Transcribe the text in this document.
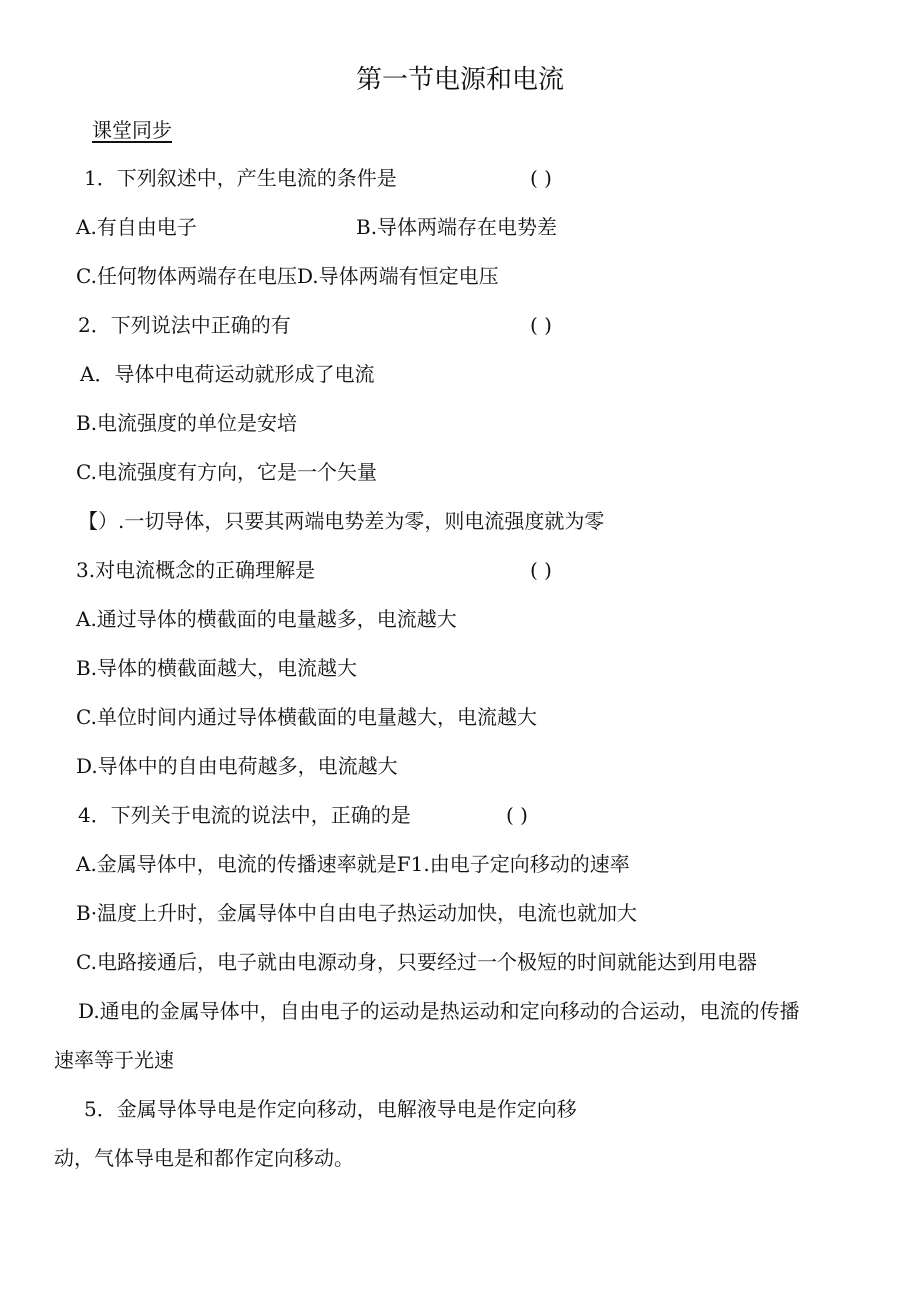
第一节电源和电流
课堂同步
1．下列叙述中，产生电流的条件是	( )
A.有自由电子	B.导体两端存在电势差
C.任何物体两端存在电压D.导体两端有恒定电压
2．下列说法中正确的有	( )
A．导体中电荷运动就形成了电流
B.电流强度的单位是安培
C.电流强度有方向，它是一个矢量
【）.一切导体，只要其两端电势差为零，则电流强度就为零
3.对电流概念的正确理解是	( )
A.通过导体的横截面的电量越多，电流越大
B.导体的横截面越大，电流越大
C.单位时间内通过导体横截面的电量越大，电流越大
D.导体中的自由电荷越多，电流越大
4．下列关于电流的说法中，正确的是	( )
A.金属导体中，电流的传播速率就是F1.由电子定向移动的速率
B·温度上升时，金属导体中自由电子热运动加快，电流也就加大
C.电路接通后，电子就由电源动身，只要经过一个极短的时间就能达到用电器
D.通电的金属导体中，自由电子的运动是热运动和定向移动的合运动，电流的传播
速率等于光速
5．金属导体导电是作定向移动，电解液导电是作定向移
动，气体导电是和都作定向移动。
